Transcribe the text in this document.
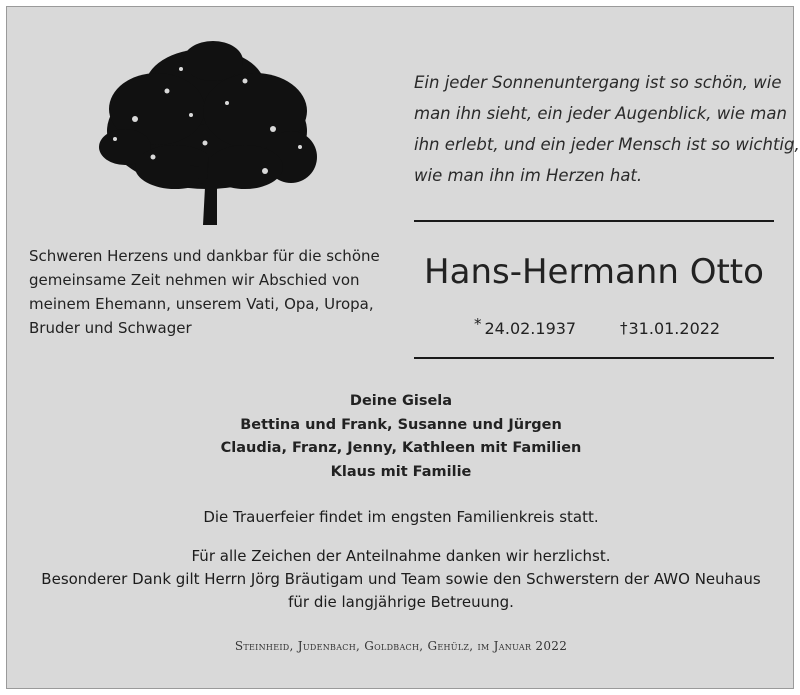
Ein jeder Sonnenuntergang ist so schön, wie
man ihn sieht, ein jeder Augenblick, wie man
ihn erlebt, und ein jeder Mensch ist so wichtig,
wie man ihn im Herzen hat.
Schweren Herzens und dankbar für die schöne
gemeinsame Zeit nehmen wir Abschied von
meinem Ehemann, unserem Vati, Opa, Uropa,
Bruder und Schwager
Hans-Hermann Otto
* 24.02.1937	†31.01.2022
Deine Gisela
Bettina und Frank, Susanne und Jürgen
Claudia, Franz, Jenny, Kathleen mit Familien
Klaus mit Familie
Die Trauerfeier findet im engsten Familienkreis statt.
Für alle Zeichen der Anteilnahme danken wir herzlichst.
Besonderer Dank gilt Herrn Jörg Bräutigam und Team sowie den Schwerstern der AWO Neuhaus
für die langjährige Betreuung.
Steinheid, Judenbach, Goldbach, Gehülz, im Januar 2022
